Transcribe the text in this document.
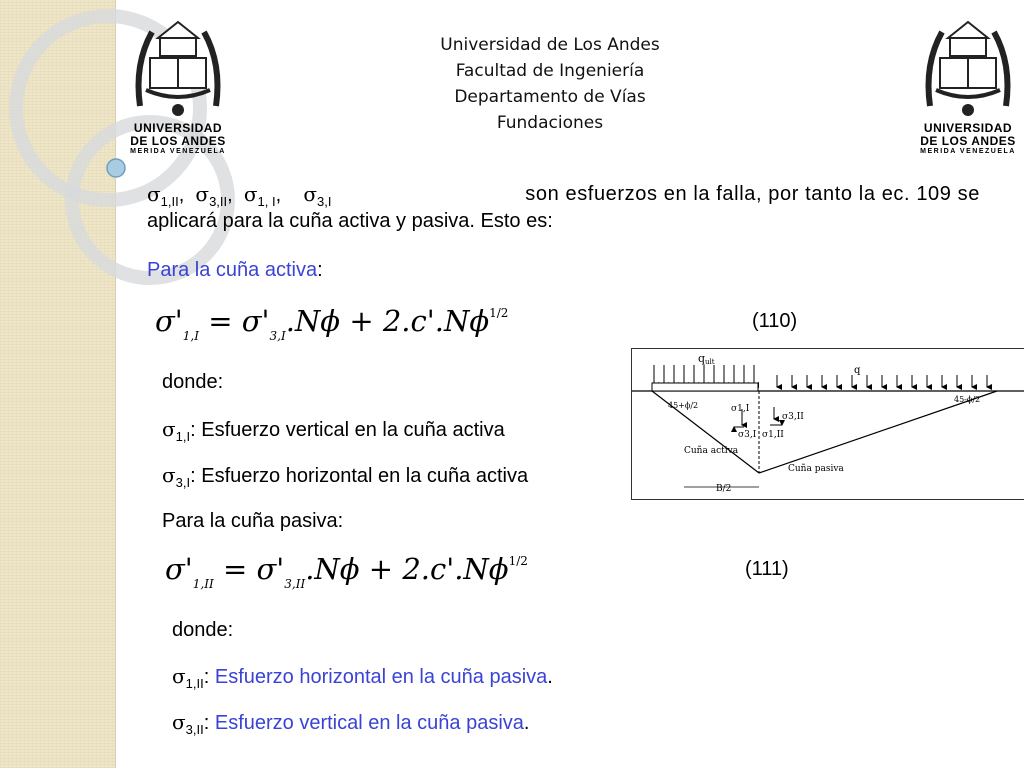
UNIVERSIDAD
DE LOS ANDES
MERIDA VENEZUELA
UNIVERSIDAD
DE LOS ANDES
MERIDA VENEZUELA
Universidad de Los Andes
Facultad de Ingeniería
Departamento de Vías
Fundaciones
$\sigma_{1,II}$, $\sigma_{3,II}$, $\sigma_{1, I}$, $\sigma_{3,I}$	son esfuerzos en la falla, por tanto la ec. 109 se
aplicará para la cuña activa y pasiva. Esto es:
Para la cuña activa:
$\sigma'_{1,I} = \sigma'_{3,I}.N\phi + 2.c'.N\phi^{1/2}$	(110)
donde:
$\sigma_{1,I}$: Esfuerzo vertical en la cuña activa
$\sigma_{3,I}$: Esfuerzo horizontal en la cuña activa
qult
q
45+ϕ/2
45-ϕ/2
σ1,I
σ3,I σ1,II
σ3,II
Cuña activa
Cuña pasiva
B/2
Para la cuña pasiva:
$\sigma'_{1,II} = \sigma'_{3,II}.N\phi + 2.c'.N\phi^{1/2}$	(111)
donde:
$\sigma_{1,II}$: Esfuerzo horizontal en la cuña pasiva.
$\sigma_{3,II}$: Esfuerzo vertical en la cuña pasiva.
